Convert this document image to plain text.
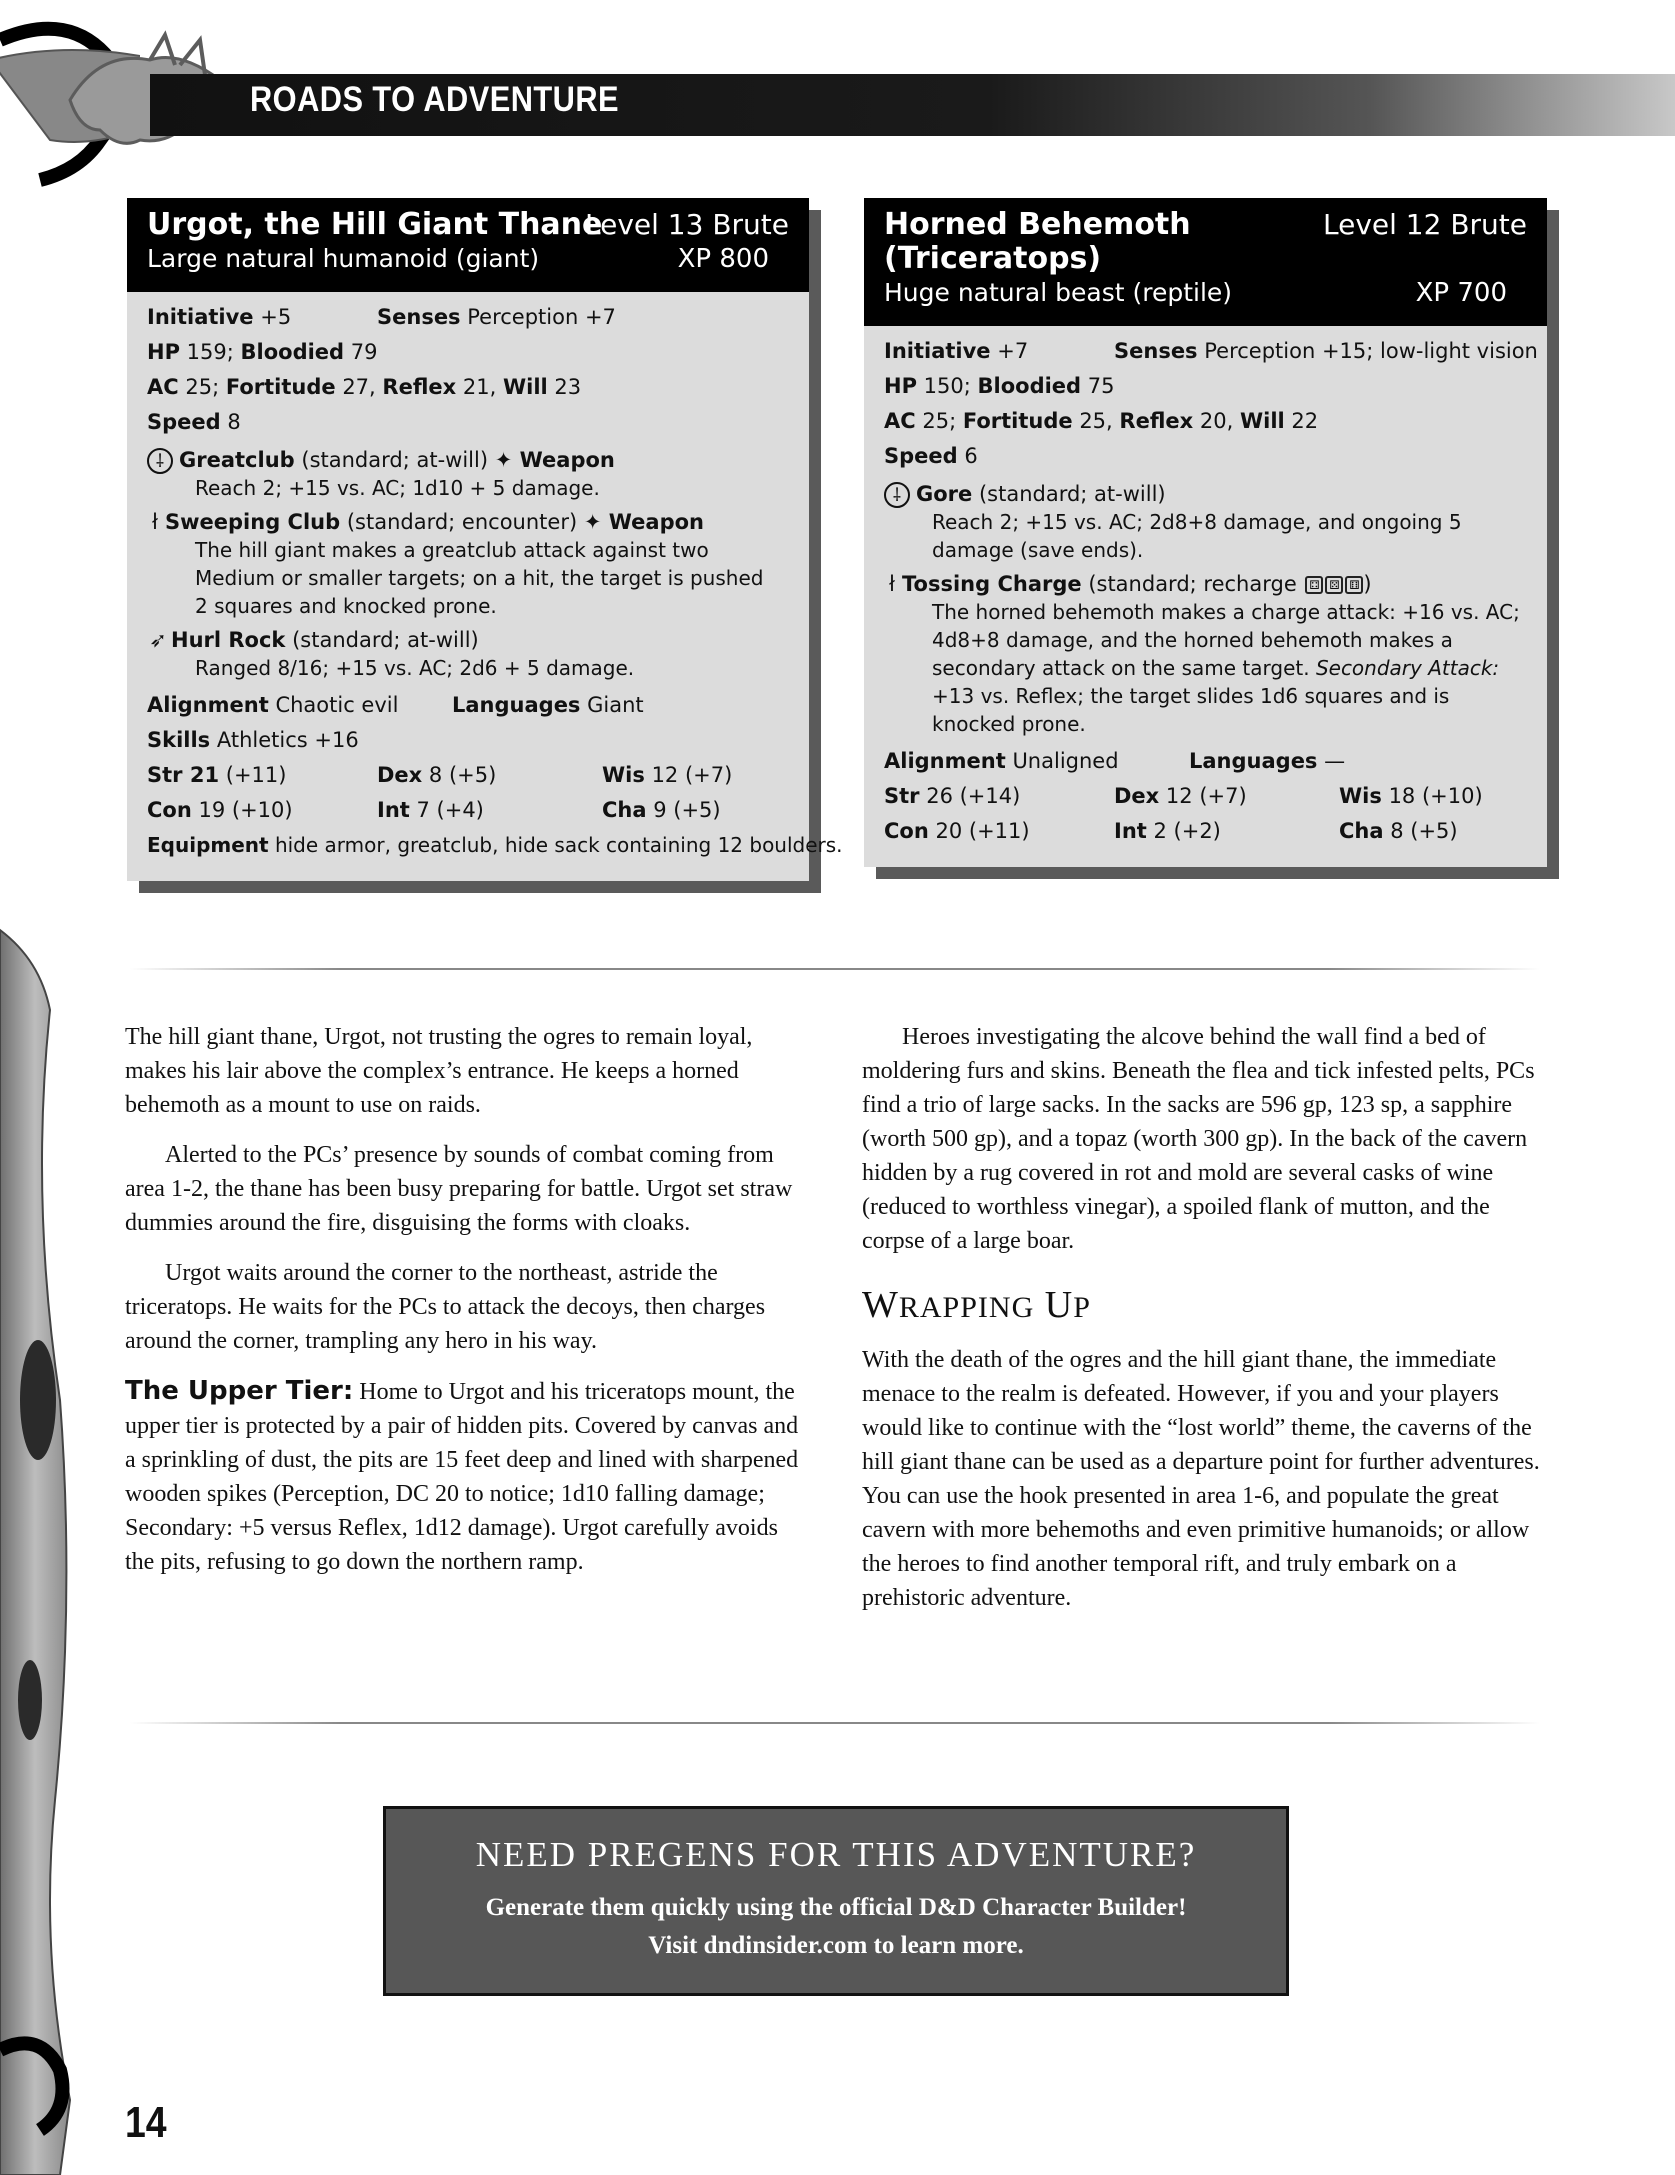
ROADS TO ADVENTURE
Urgot, the Hill Giant Thane
Level 13 Brute
Large natural humanoid (giant)	XP 800
Initiative +5	Senses Perception +7
HP 159; Bloodied 79
AC 25; Fortitude 27, Reflex 21, Will 23
Speed 8
⸸ Greatclub (standard; at-will) ✦ Weapon
Reach 2; +15 vs. AC; 1d10 + 5 damage.
ł Sweeping Club (standard; encounter) ✦ Weapon
The hill giant makes a greatclub attack against two Medium or smaller targets; on a hit, the target is pushed 2 squares and knocked prone.
➶ Hurl Rock (standard; at-will)
Ranged 8/16; +15 vs. AC; 2d6 + 5 damage.
Alignment Chaotic evil	Languages Giant
Skills Athletics +16
Str 21 (+11)	Dex 8 (+5)	Wis 12 (+7)
Con 19 (+10)	Int 7 (+4)	Cha 9 (+5)
Equipment hide armor, greatclub, hide sack containing 12 boulders.
Horned Behemoth
(Triceratops)
Level 12 Brute
Huge natural beast (reptile)	XP 700
Initiative +7	Senses Perception +15; low-light vision
HP 150; Bloodied 75
AC 25; Fortitude 25, Reflex 20, Will 22
Speed 6
⸸ Gore (standard; at-will)
Reach 2; +15 vs. AC; 2d8+8 damage, and ongoing 5 damage (save ends).
ł Tossing Charge (standard; recharge ⚃ ⚄ ⚅ )
The horned behemoth makes a charge attack: +16 vs. AC; 4d8+8 damage, and the horned behemoth makes a secondary attack on the same target. Secondary Attack: +13 vs. Reflex; the target slides 1d6 squares and is knocked prone.
Alignment Unaligned	Languages —
Str 26 (+14)	Dex 12 (+7)	Wis 18 (+10)
Con 20 (+11)	Int 2 (+2)	Cha 8 (+5)

The hill giant thane, Urgot, not trusting the ogres to remain loyal, makes his lair above the complex’s entrance. He keeps a horned behemoth as a mount to use on raids.

Alerted to the PCs’ presence by sounds of combat coming from area 1-2, the thane has been busy preparing for battle. Urgot set straw dummies around the fire, disguising the forms with cloaks.

Urgot waits around the corner to the northeast, astride the triceratops. He waits for the PCs to attack the decoys, then charges around the corner, trampling any hero in his way.

The Upper Tier: Home to Urgot and his triceratops mount, the upper tier is protected by a pair of hidden pits. Covered by canvas and a sprinkling of dust, the pits are 15 feet deep and lined with sharpened wooden spikes (Perception, DC 20 to notice; 1d10 falling damage; Secondary: +5 versus Reflex, 1d12 damage). Urgot carefully avoids the pits, refusing to go down the northern ramp.

Heroes investigating the alcove behind the wall find a bed of moldering furs and skins. Beneath the flea and tick infested pelts, PCs find a trio of large sacks. In the sacks are 596 gp, 123 sp, a sapphire (worth 500 gp), and a topaz (worth 300 gp). In the back of the cavern hidden by a rug covered in rot and mold are several casks of wine (reduced to worthless vinegar), a spoiled flank of mutton, and the corpse of a large boar.

WRAPPING UP

With the death of the ogres and the hill giant thane, the immediate menace to the realm is defeated. However, if you and your players would like to continue with the “lost world” theme, the caverns of the hill giant thane can be used as a departure point for further adventures. You can use the hook presented in area 1-6, and populate the great cavern with more behemoths and even primitive humanoids; or allow the heroes to find another temporal rift, and truly embark on a prehistoric adventure.

NEED PREGENS FOR THIS ADVENTURE?
Generate them quickly using the official D&D Character Builder!
Visit dndinsider.com to learn more.
14
